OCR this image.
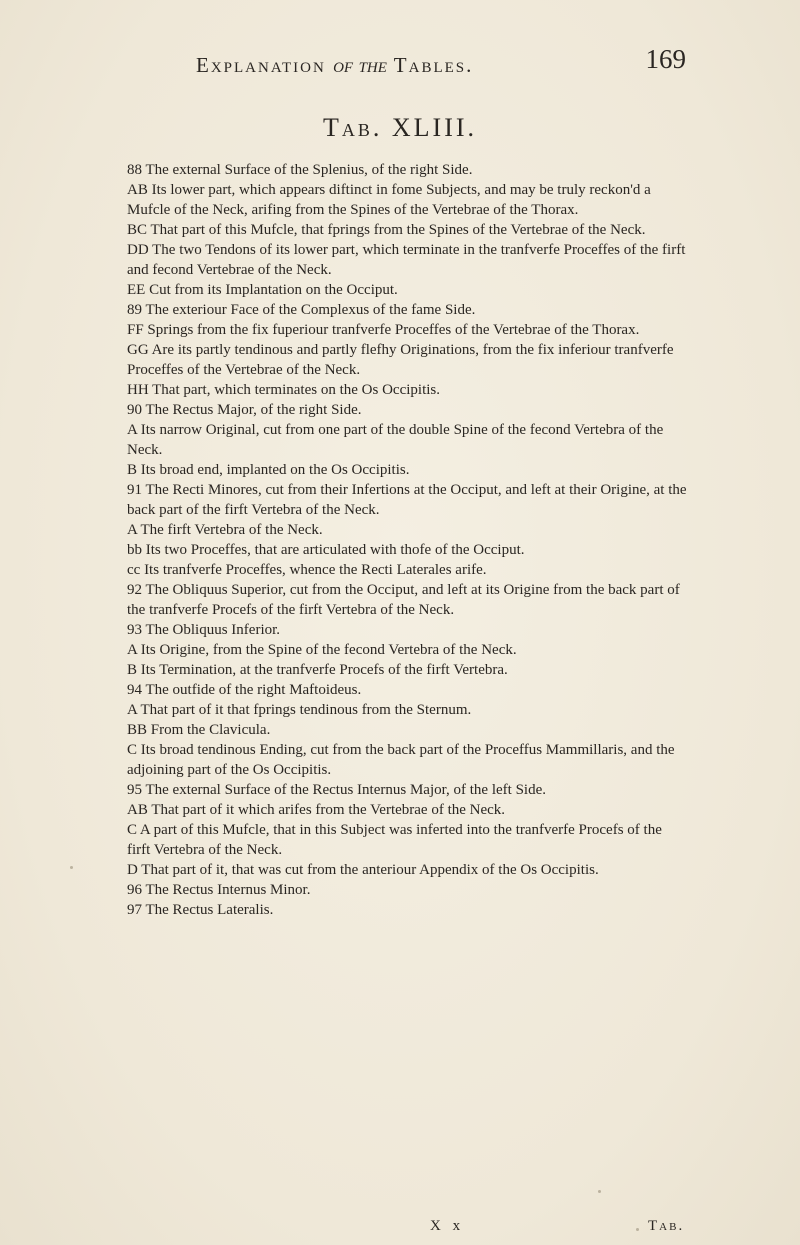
Explanation of the Tables.	169
Tab. XLIII.

88 The external Surface of the Splenius, of the right Side.

AB Its lower part, which appears diftinct in fome Subjects, and may be truly reckon'd a Mufcle of the Neck, arifing from the Spines of the Vertebrae of the Thorax.

BC That part of this Mufcle, that fprings from the Spines of the Vertebrae of the Neck.

DD The two Tendons of its lower part, which terminate in the tranfverfe Proceffes of the firft and fecond Vertebrae of the Neck.

EE Cut from its Implantation on the Occiput.

89 The exteriour Face of the Complexus of the fame Side.

FF Springs from the fix fuperiour tranfverfe Proceffes of the Vertebrae of the Thorax.

GG Are its partly tendinous and partly flefhy Originations, from the fix inferiour tranfverfe Proceffes of the Vertebrae of the Neck.

HH That part, which terminates on the Os Occipitis.

90 The Rectus Major, of the right Side.

A Its narrow Original, cut from one part of the double Spine of the fecond Vertebra of the Neck.

B Its broad end, implanted on the Os Occipitis.

91 The Recti Minores, cut from their Infertions at the Occiput, and left at their Origine, at the back part of the firft Vertebra of the Neck.

A The firft Vertebra of the Neck.

bb Its two Proceffes, that are articulated with thofe of the Occiput.

cc Its tranfverfe Proceffes, whence the Recti Laterales arife.

92 The Obliquus Superior, cut from the Occiput, and left at its Origine from the back part of the tranfverfe Procefs of the firft Vertebra of the Neck.

93 The Obliquus Inferior.

A Its Origine, from the Spine of the fecond Vertebra of the Neck.

B Its Termination, at the tranfverfe Procefs of the firft Vertebra.

94 The outfide of the right Maftoideus.

A That part of it that fprings tendinous from the Sternum.

BB From the Clavicula.

C Its broad tendinous Ending, cut from the back part of the Proceffus Mammillaris, and the adjoining part of the Os Occipitis.

95 The external Surface of the Rectus Internus Major, of the left Side.

AB That part of it which arifes from the Vertebrae of the Neck.

C A part of this Mufcle, that in this Subject was inferted into the tranfverfe Procefs of the firft Vertebra of the Neck.

D That part of it, that was cut from the anteriour Appendix of the Os Occipitis.

96 The Rectus Internus Minor.

97 The Rectus Lateralis.

X x	Tab.
